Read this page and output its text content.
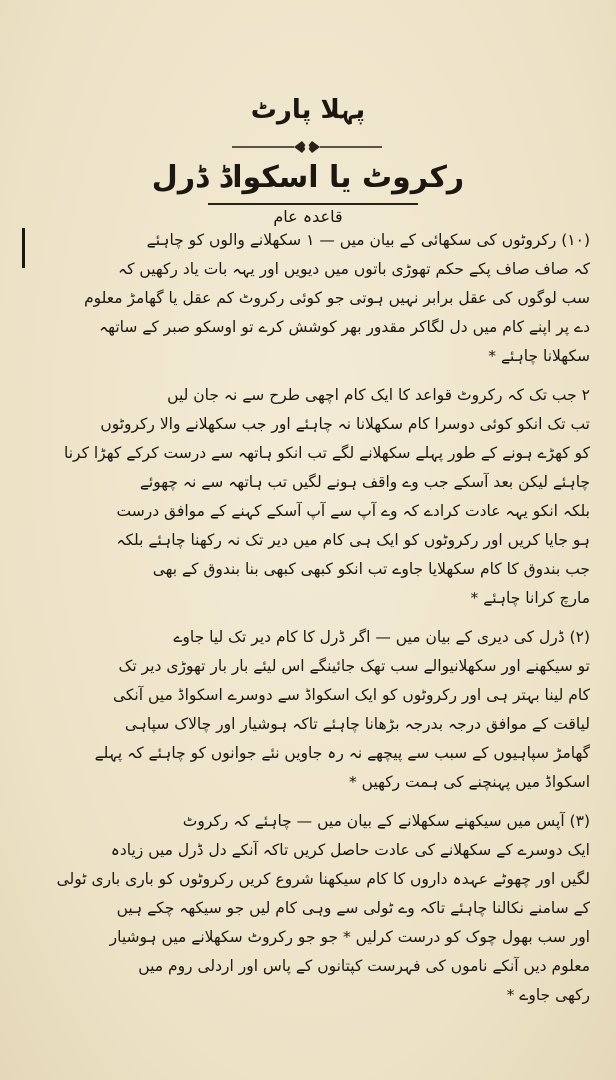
پہلا پارٹ
رکروٹ یا اسکواڈ ڈرل
قاعدہ عام

(۱۰) رکروٹوں کی سکھائی کے بیان میں — ۱ سکھلانے والوں کو چاہئے

کہ صاف صاف پکے حکم تھوڑی باتوں میں دیویں اور یہہ بات یاد رکھیں کہ

سب لوگوں کی عقل برابر نہیں ہوتی جو کوئی رکروٹ کم عقل یا گھامڑ معلوم

دے پر اپنے کام میں دل لگاکر مقدور بھر کوشش کرے تو اوسکو صبر کے ساتھہ

سکھلانا چاہئے *

۲ جب تک کہ رکروٹ قواعد کا ایک کام اچھی طرح سے نہ جان لیں

تب تک انکو کوئی دوسرا کام سکھلانا نہ چاہئے اور جب سکھلانے والا رکروٹوں

کو کھڑے ہونے کے طور پہلے سکھلانے لگے تب انکو ہاتھہ سے درست کرکے کھڑا کرنا

چاہئے لیکن بعد آسکے جب وے واقف ہونے لگیں تب ہاتھہ سے نہ چھوئے

بلکہ انکو یہہ عادت کرادے کہ وے آپ سے آپ آسکے کہنے کے موافق درست

ہو جایا کریں اور رکروٹوں کو ایک ہی کام میں دیر تک نہ رکھنا چاہئے بلکہ

جب بندوق کا کام سکھلایا جاوے تب انکو کبھی کبھی بنا بندوق کے بھی

مارچ کرانا چاہئے *

(۲) ڈرل کی دیری کے بیان میں — اگر ڈرل کا کام دیر تک لیا جاوے

تو سیکھنے اور سکھلانیوالے سب تھک جائینگے اس لیئے بار بار تھوڑی دیر تک

کام لینا بہتر ہی اور رکروٹوں کو ایک اسکواڈ سے دوسرے اسکواڈ میں آنکی

لیاقت کے موافق درجہ بدرجہ بڑھانا چاہئے تاکہ ہوشیار اور چالاک سپاہی

گھامڑ سپاہیوں کے سبب سے پیچھے نہ رہ جاویں نئے جوانوں کو چاہئے کہ پہلے

اسکواڈ میں پہنچنے کی ہمت رکھیں *

(۳) آپس میں سیکھنے سکھلانے کے بیان میں — چاہئے کہ رکروٹ

ایک دوسرے کے سکھلانے کی عادت حاصل کریں تاکہ آنکے دل ڈرل میں زیادہ

لگیں اور چھوٹے عہدہ داروں کا کام سیکھنا شروع کریں رکروٹوں کو باری باری ٹولی

کے سامنے نکالنا چاہئے تاکہ وے ٹولی سے وہی کام لیں جو سیکھہ چکے ہیں

اور سب بھول چوک کو درست کرلیں * جو جو رکروٹ سکھلانے میں ہوشیار

معلوم دیں آنکے ناموں کی فہرست کپتانوں کے پاس اور اردلی روم میں

رکھی جاوے *
